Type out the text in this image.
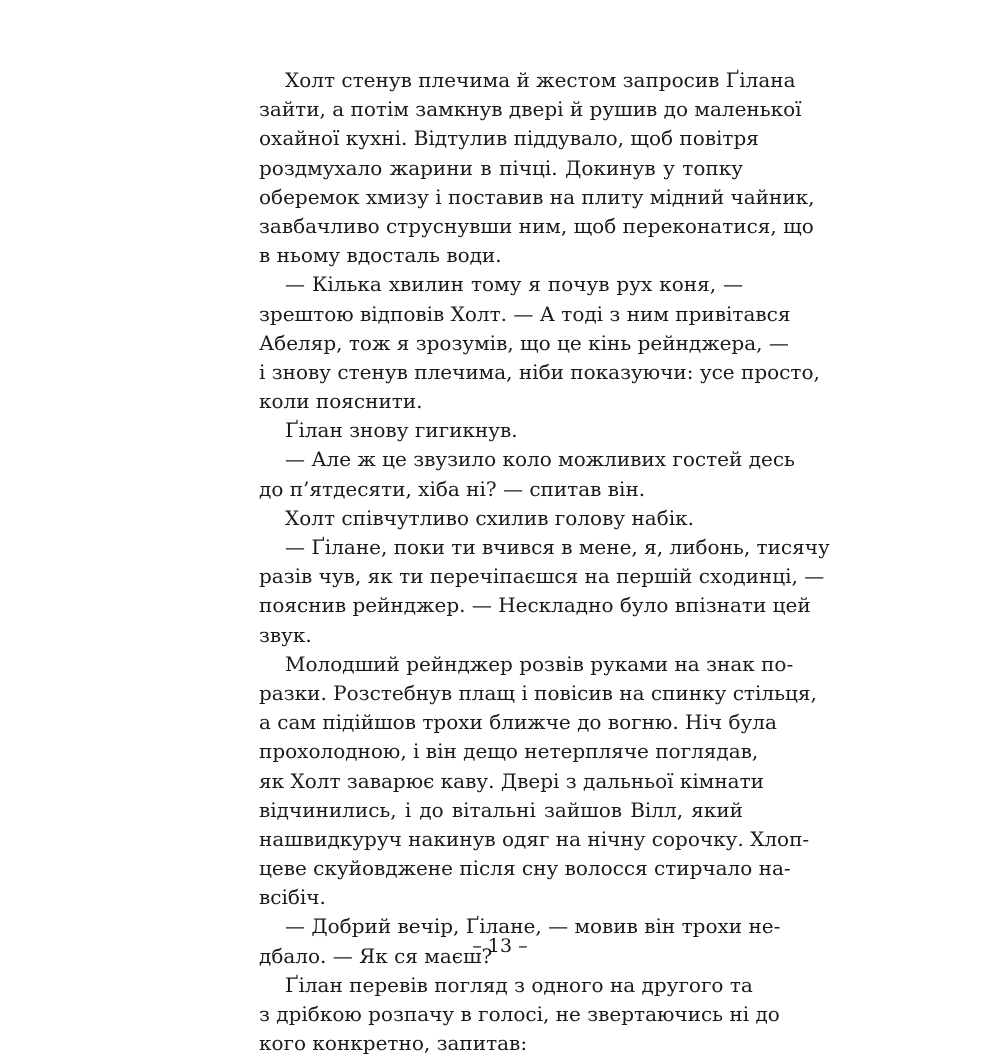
Холт стенув плечима й жестом запросив Ґілана
зайти, а потім замкнув двері й рушив до маленької
охайної кухні. Відтулив піддувало, щоб повітря
роздмухало жарини в пічці. Докинув у топку
оберемок хмизу і поставив на плиту мідний чайник,
завбачливо струснувши ним, щоб переконатися, що
в ньому вдосталь води.
— Кілька хвилин тому я почув рух коня, —
зрештою відповів Холт. — А тоді з ним привітався
Абеляр, тож я зрозумів, що це кінь рейнджера, —
і знову стенув плечима, ніби показуючи: усе просто,
коли пояснити.
Ґілан знову гигикнув.
— Але ж це звузило коло можливих гостей десь
до п’ятдесяти, хіба ні? — спитав він.
Холт співчутливо схилив голову набік.
— Ґілане, поки ти вчився в мене, я, либонь, тисячу
разів чув, як ти перечіпаєшся на першій сходинці, —
пояснив рейнджер. — Нескладно було впізнати цей
звук.
Молодший рейнджер розвів руками на знак по-
разки. Розстебнув плащ і повісив на спинку стільця,
а сам підійшов трохи ближче до вогню. Ніч була
прохолодною, і він дещо нетерпляче поглядав,
як Холт заварює каву. Двері з дальньої кімнати
відчинились, і до вітальні зайшов Вілл, який
нашвидкуруч накинув одяг на нічну сорочку. Хлоп-
цеве скуйовджене після сну волосся стирчало на-
всібіч.
— Добрий вечір, Ґілане, — мовив він трохи не-
дбало. — Як ся маєш?
Ґілан перевів погляд з одного на другого та
з дрібкою розпачу в голосі, не звертаючись ні до
кого конкретно, запитав:
– 13 –
